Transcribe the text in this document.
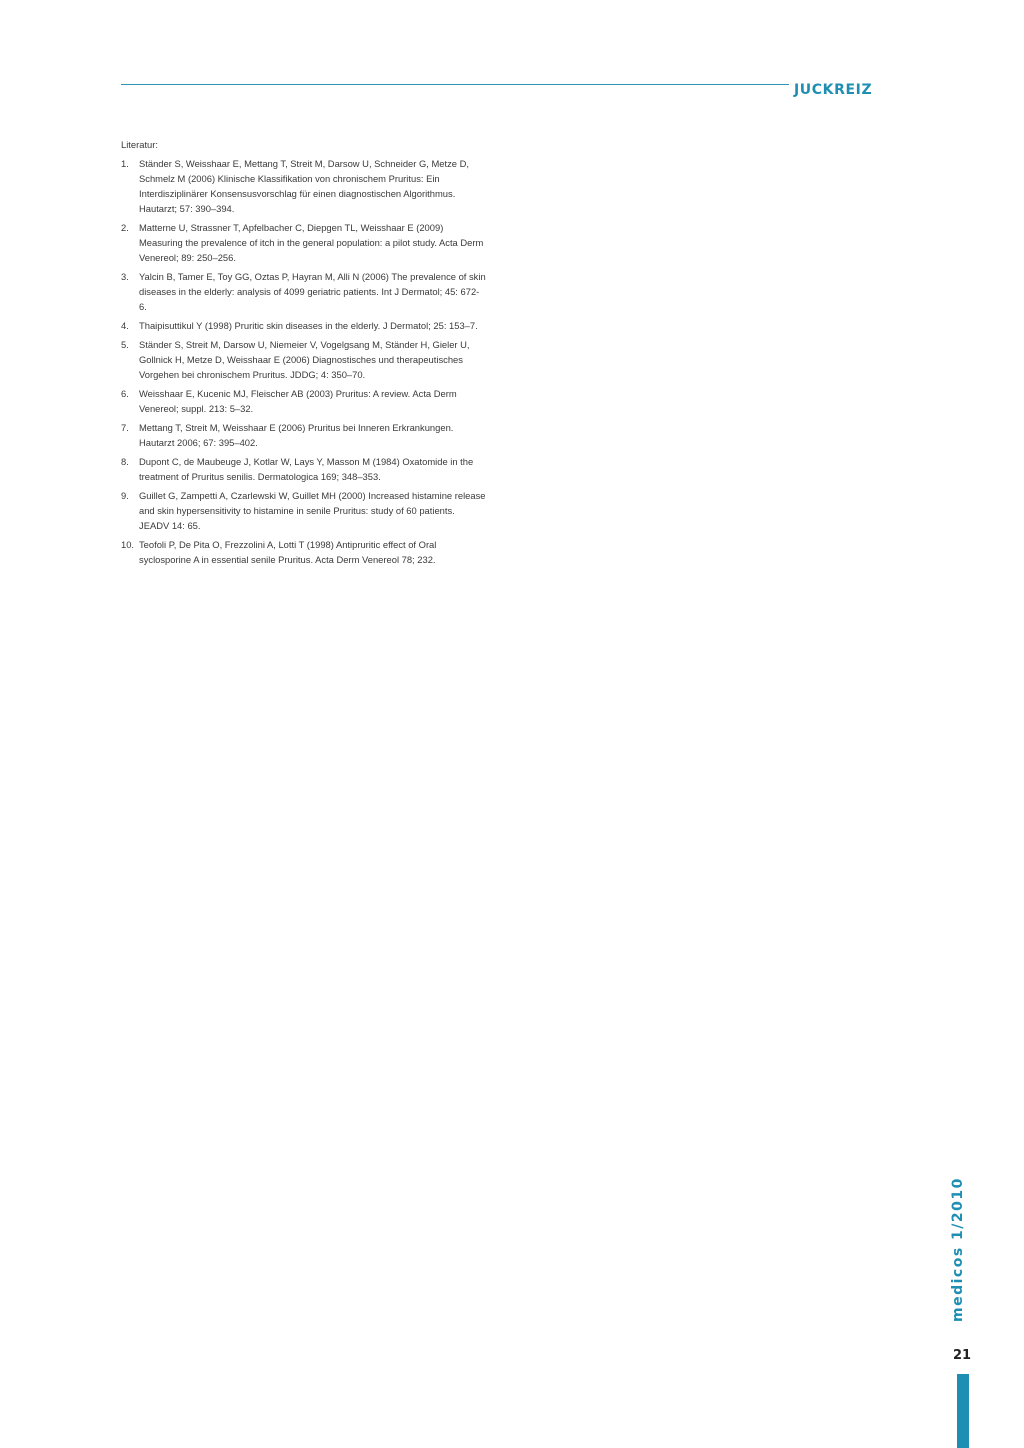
JUCKREIZ

Literatur:

1. Ständer S, Weisshaar E, Mettang T, Streit M, Darsow U, Schneider G, Metze D, Schmelz M (2006) Klinische Klassifikation von chronischem Pruritus: Ein Interdisziplinärer Konsensusvorschlag für einen diagnostischen Algorithmus. Hautarzt; 57: 390–394.
2. Matterne U, Strassner T, Apfelbacher C, Diepgen TL, Weisshaar E (2009) Measuring the prevalence of itch in the general population: a pilot study. Acta Derm Venereol; 89: 250–256.
3. Yalcin B, Tamer E, Toy GG, Oztas P, Hayran M, Alli N (2006) The prevalence of skin diseases in the elderly: analysis of 4099 geriatric patients. Int J Dermatol; 45: 672-6.
4. Thaipisuttikul Y (1998) Pruritic skin diseases in the elderly. J Dermatol; 25: 153–7.
5. Ständer S, Streit M, Darsow U, Niemeier V, Vogelgsang M, Ständer H, Gieler U, Gollnick H, Metze D, Weisshaar E (2006) Diagnostisches und therapeutisches Vorgehen bei chronischem Pruritus. JDDG; 4: 350–70.
6. Weisshaar E, Kucenic MJ, Fleischer AB (2003) Pruritus: A review. Acta Derm Venereol; suppl. 213: 5–32.
7. Mettang T, Streit M, Weisshaar E (2006) Pruritus bei Inneren Erkrankungen. Hautarzt 2006; 67: 395–402.
8. Dupont C, de Maubeuge J, Kotlar W, Lays Y, Masson M (1984) Oxatomide in the treatment of Pruritus senilis. Dermatologica 169; 348–353.
9. Guillet G, Zampetti A, Czarlewski W, Guillet MH (2000) Increased histamine release and skin hypersensitivity to histamine in senile Pruritus: study of 60 patients. JEADV 14: 65.
10. Teofoli P, De Pita O, Frezzolini A, Lotti T (1998) Antipruritic effect of Oral syclosporine A in essential senile Pruritus. Acta Derm Venereol 78; 232.
medicos 1/2010
21
